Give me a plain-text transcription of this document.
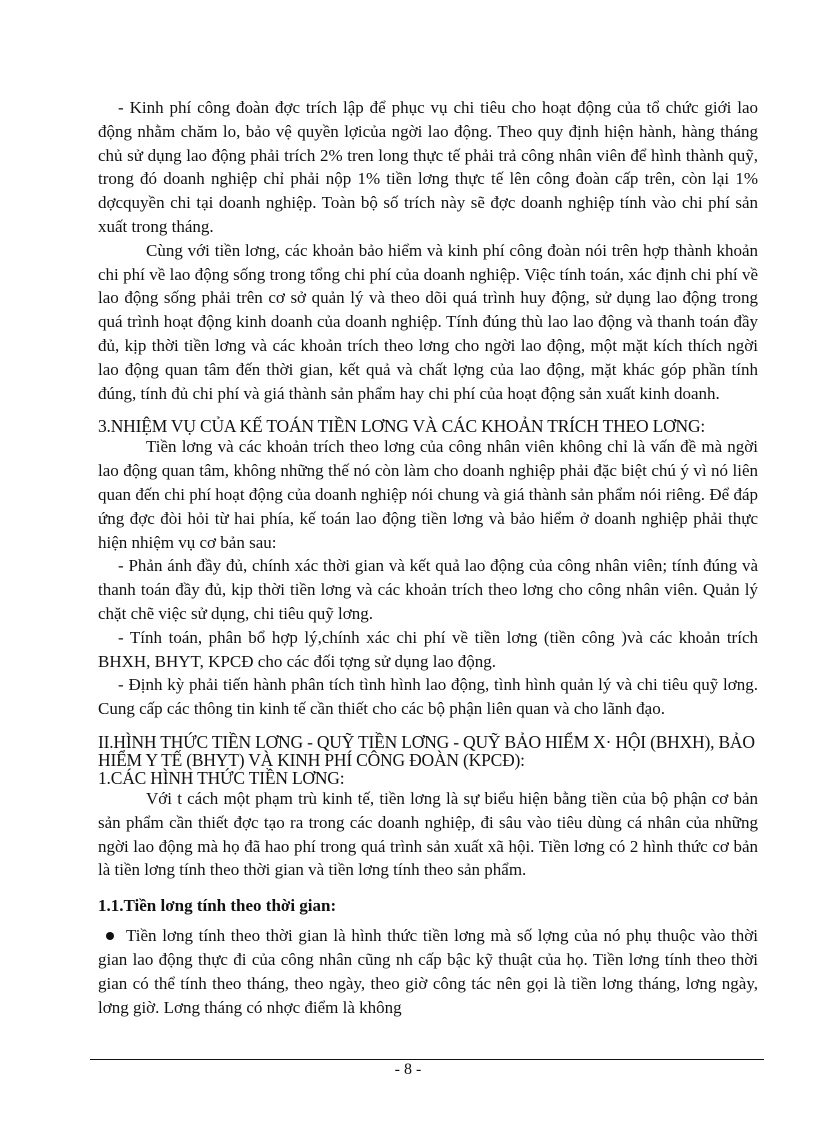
- Kinh phí công đoàn đợc trích lập để phục vụ chi tiêu cho hoạt động của tổ chức giới lao động nhằm chăm lo, bảo vệ quyền lợicủa ngời lao động. Theo quy định hiện hành, hàng tháng chủ sử dụng lao động phải trích 2% tren long thực tế phải trả công nhân viên để hình thành quỹ, trong đó doanh nghiệp chỉ phải nộp 1% tiền lơng thực tế lên công đoàn cấp trên, còn lại 1% dợcquyền chi tại doanh nghiệp. Toàn bộ số trích này sẽ đợc doanh nghiệp tính vào chi phí sản xuất trong tháng.

Cùng với tiền lơng, các khoản bảo hiểm và kinh phí công đoàn nói trên hợp thành khoản chi phí về lao động sống trong tổng chi phí của doanh nghiệp. Việc tính toán, xác định chi phí về lao động sống phải trên cơ sở quản lý và theo dõi quá trình huy động, sử dụng lao động trong quá trình hoạt động kinh doanh của doanh nghiệp. Tính đúng thù lao lao động và thanh toán đầy đủ, kịp thời tiền lơng và các khoản trích theo lơng cho ngời lao động, một mặt kích thích ngời lao động quan tâm đến thời gian, kết quả và chất lợng của lao động, mặt khác góp phần tính đúng, tính đủ chi phí và giá thành sản phẩm hay chi phí của hoạt động sản xuất kinh doanh.

3.NHIỆM VỤ CỦA KẾ TOÁN TIỀN LƠNG VÀ CÁC KHOẢN TRÍCH THEO LƠNG:

Tiền lơng và các khoản trích theo lơng của công nhân viên không chỉ là vấn đề mà ngời lao động quan tâm, không những thế nó còn làm cho doanh nghiệp phải đặc biệt chú ý vì nó liên quan đến chi phí hoạt động của doanh nghiệp nói chung và giá thành sản phẩm nói riêng. Để đáp ứng đợc đòi hỏi từ hai phía, kế toán lao động tiền lơng và bảo hiểm ở doanh nghiệp phải thực hiện nhiệm vụ cơ bản sau:

- Phản ánh đầy đủ, chính xác thời gian và kết quả lao động của công nhân viên; tính đúng và thanh toán đầy đủ, kịp thời tiền lơng và các khoản trích theo lơng cho công nhân viên. Quản lý chặt chẽ việc sử dụng, chi tiêu quỹ lơng.

- Tính toán, phân bổ hợp lý,chính xác chi phí về tiền lơng (tiền công )và các khoản trích BHXH, BHYT, KPCĐ cho các đối tợng sử dụng lao động.

- Định kỳ phải tiến hành phân tích tình hình lao động, tình hình quản lý và chi tiêu quỹ lơng. Cung cấp các thông tin kinh tế cần thiết cho các bộ phận liên quan và cho lãnh đạo.

II.HÌNH THỨC TIỀN LƠNG - QUỸ TIỀN LƠNG - QUỸ BẢO HIỂM X· HỘI (BHXH), BẢO HIỂM Y TẾ (BHYT) VÀ KINH PHÍ CÔNG ĐOÀN (KPCĐ):

1.CÁC HÌNH THỨC TIỀN LƠNG:

Với t cách một phạm trù kinh tế, tiền lơng là sự biểu hiện bằng tiền của bộ phận cơ bản sản phẩm cần thiết đợc tạo ra trong các doanh nghiệp, đi sâu vào tiêu dùng cá nhân của những ngời lao động mà họ đã hao phí trong quá trình sản xuất xã hội. Tiền lơng có 2 hình thức cơ bản là tiền lơng tính theo thời gian và tiền lơng tính theo sản phẩm.

1.1.Tiền lơng tính theo thời gian:

Tiền lơng tính theo thời gian là hình thức tiền lơng mà số lợng của nó phụ thuộc vào thời gian lao động thực đi của công nhân cũng nh cấp bậc kỹ thuật của họ. Tiền lơng tính theo thời gian có thể tính theo tháng, theo ngày, theo giờ công tác nên gọi là tiền lơng tháng, lơng ngày, lơng giờ. Lơng tháng có nhợc điểm là không

- 8 -
